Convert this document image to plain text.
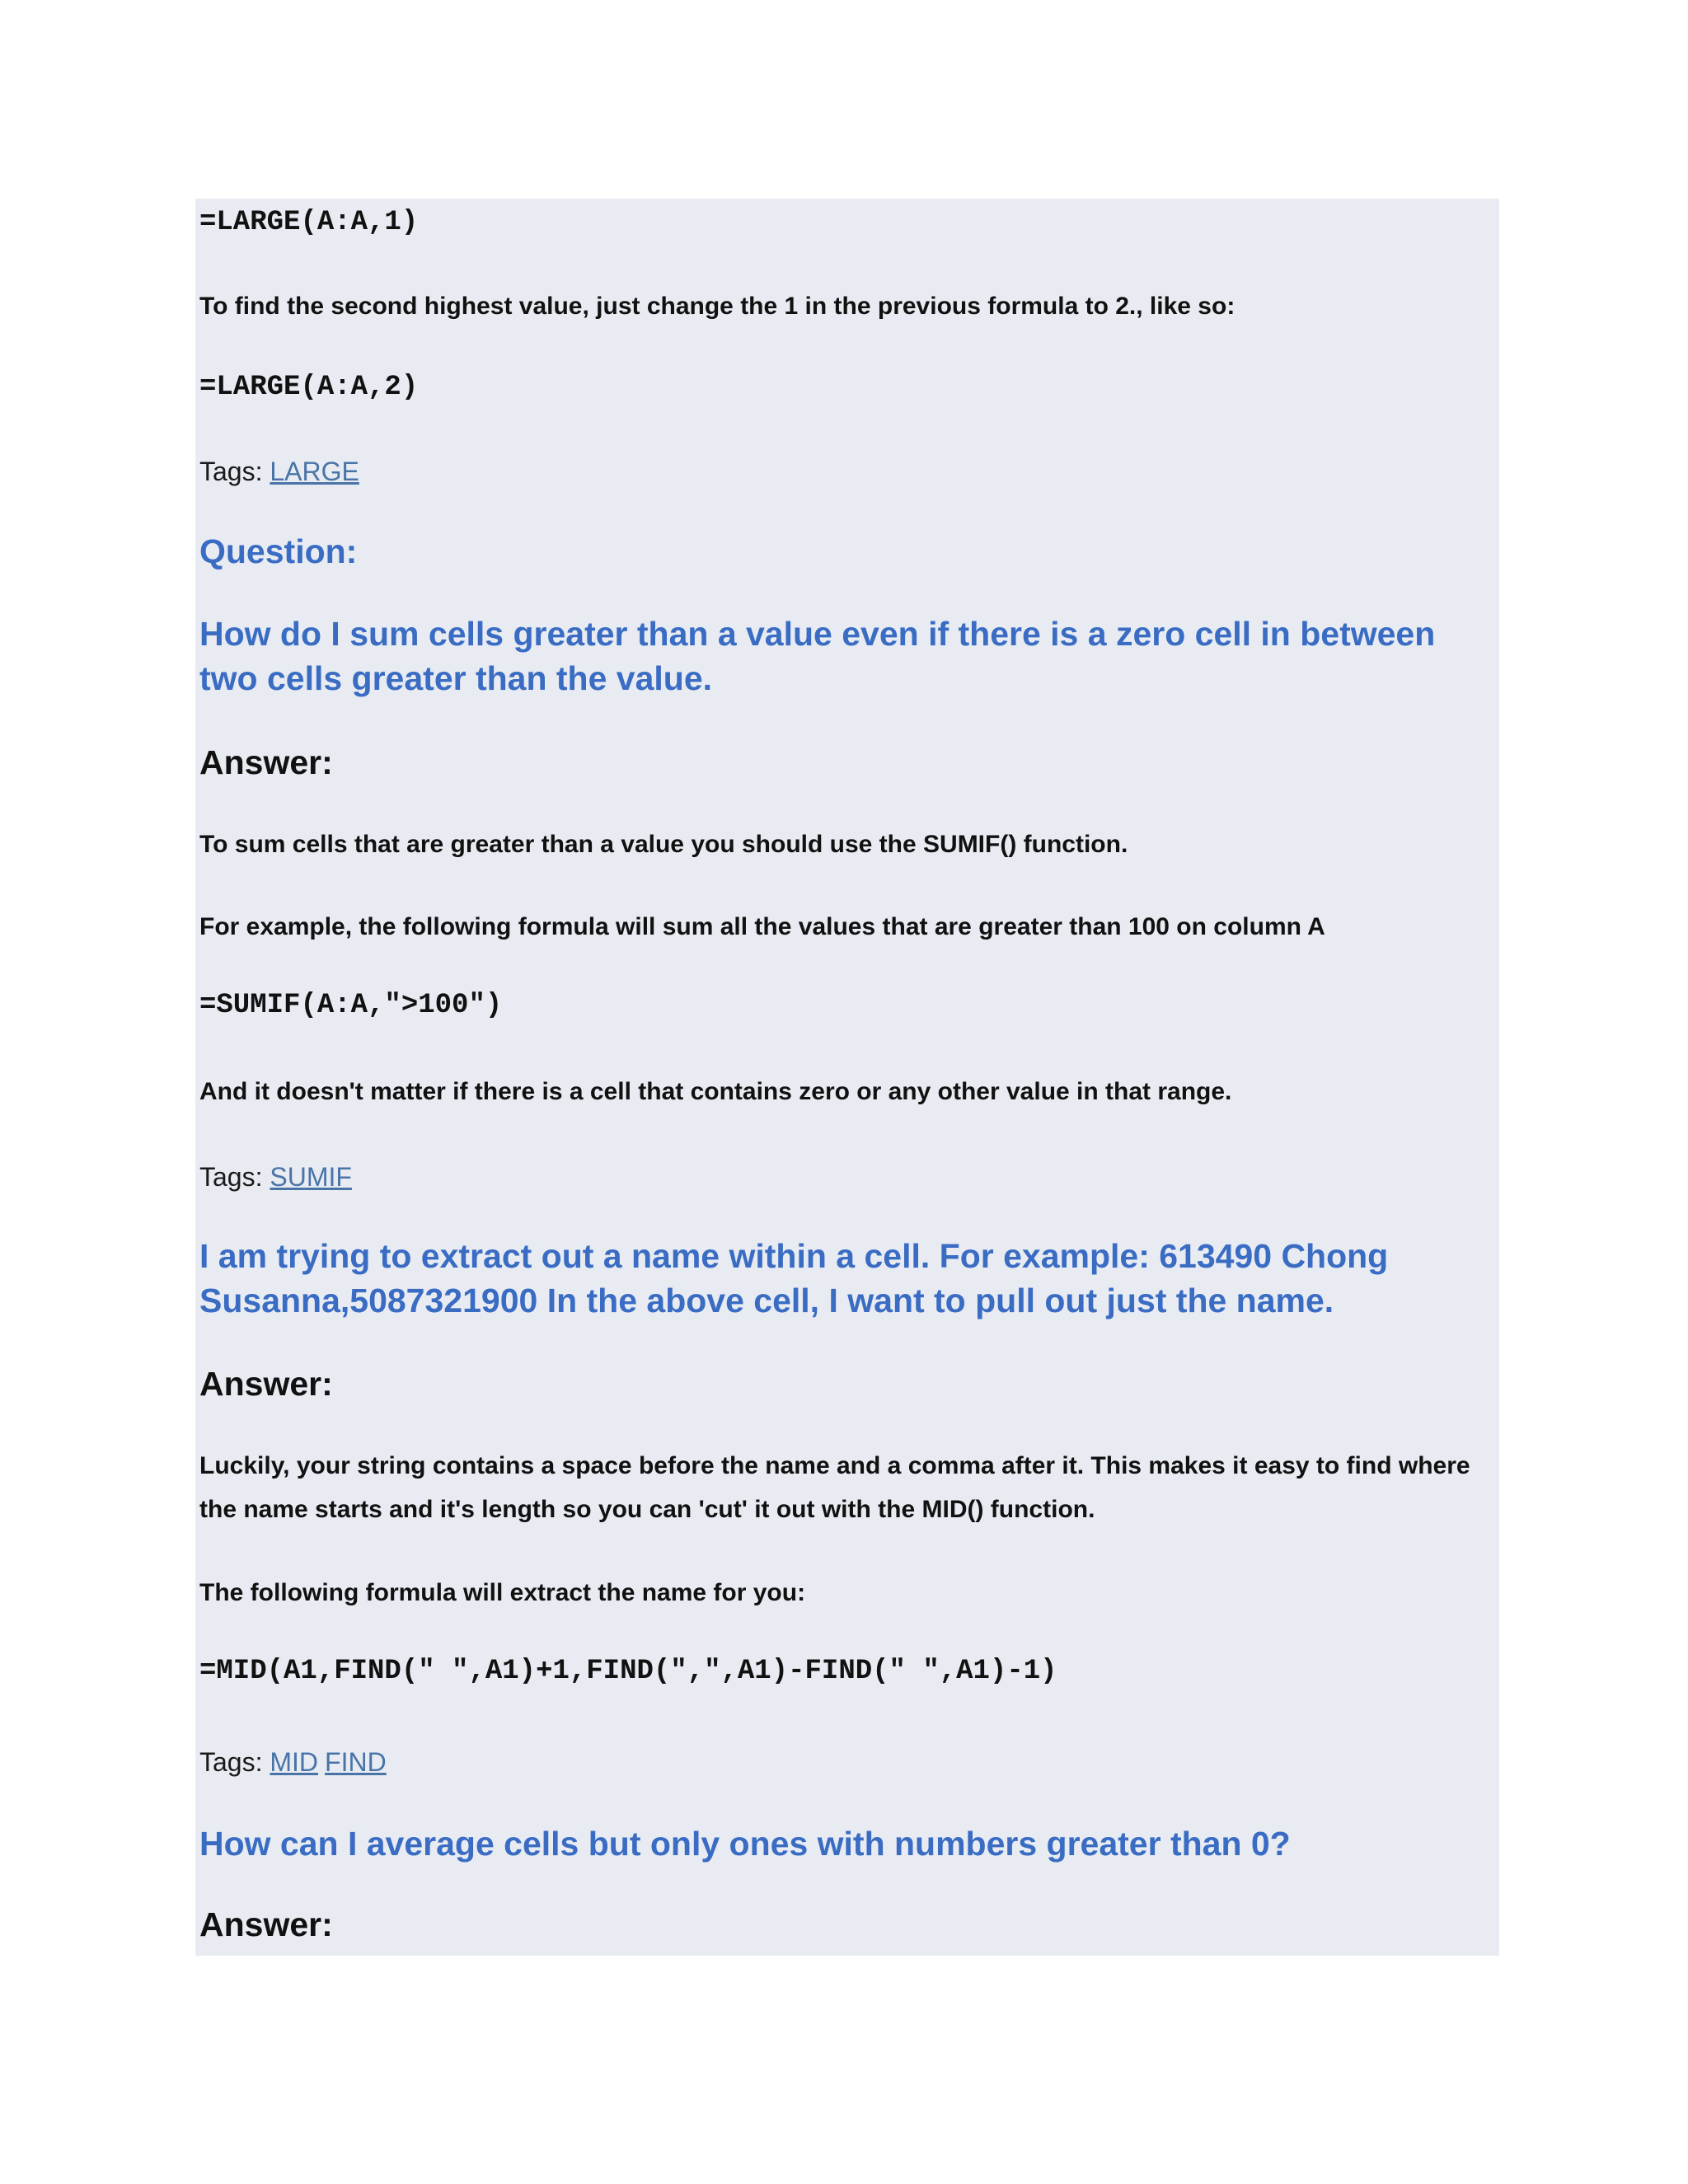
=LARGE(A:A,1)

To find the second highest value, just change the 1 in the previous formula to 2., like so:

=LARGE(A:A,2)

Tags: LARGE

Question:

How do I sum cells greater than a value even if there is a zero cell in between two cells greater than the value.

Answer:

To sum cells that are greater than a value you should use the SUMIF() function.

For example, the following formula will sum all the values that are greater than 100 on column A

=SUMIF(A:A,">100")

And it doesn't matter if there is a cell that contains zero or any other value in that range.

Tags: SUMIF

I am trying to extract out a name within a cell. For example: 613490 Chong Susanna,5087321900 In the above cell, I want to pull out just the name.

Answer:

Luckily, your string contains a space before the name and a comma after it. This makes it easy to find where

the name starts and it's length so you can 'cut' it out with the MID() function.

The following formula will extract the name for you:

=MID(A1,FIND(" ",A1)+1,FIND(",",A1)-FIND(" ",A1)-1)

Tags: MID FIND

How can I average cells but only ones with numbers greater than 0?

Answer:
